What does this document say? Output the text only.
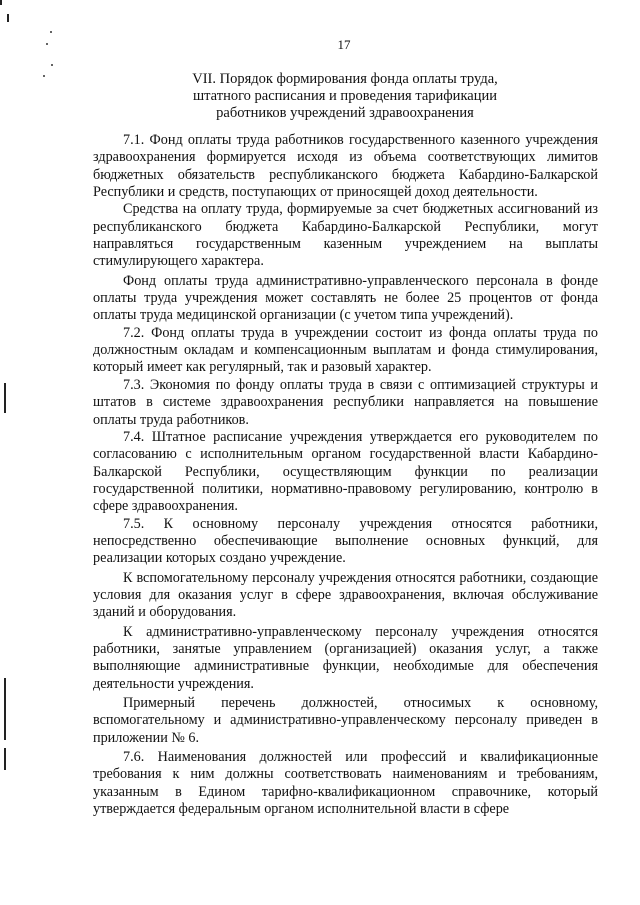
17
VII. Порядок формирования фонда оплаты труда,
штатного расписания и проведения тарификации
работников учреждений здравоохранения

7.1. Фонд оплаты труда работников государственного казенного учреждения здравоохранения формируется исходя из объема соответствующих лимитов бюджетных обязательств республиканского бюджета Кабардино-Балкарской Республики и средств, поступающих от приносящей доход деятельности.

Средства на оплату труда, формируемые за счет бюджетных ассигнований из республиканского бюджета Кабардино-Балкарской Республики, могут направляться государственным казенным учреждением на выплаты стимулирующего характера.

Фонд оплаты труда административно-управленческого персонала в фонде оплаты труда учреждения может составлять не более 25 процентов от фонда оплаты труда медицинской организации (с учетом типа учреждений).

7.2. Фонд оплаты труда в учреждении состоит из фонда оплаты труда по должностным окладам и компенсационным выплатам и фонда стимулирования, который имеет как регулярный, так и разовый характер.

7.3. Экономия по фонду оплаты труда в связи с оптимизацией структуры и штатов в системе здравоохранения республики направляется на повышение оплаты труда работников.

7.4. Штатное расписание учреждения утверждается его руководителем по согласованию с исполнительным органом государственной власти Кабардино-Балкарской Республики, осуществляющим функции по реализации государственной политики, нормативно-правовому регулированию, контролю в сфере здравоохранения.

7.5. К основному персоналу учреждения относятся работники, непосредственно обеспечивающие выполнение основных функций, для реализации которых создано учреждение.

К вспомогательному персоналу учреждения относятся работники, создающие условия для оказания услуг в сфере здравоохранения, включая обслуживание зданий и оборудования.

К административно-управленческому персоналу учреждения относятся работники, занятые управлением (организацией) оказания услуг, а также выполняющие административные функции, необходимые для обеспечения деятельности учреждения.

Примерный перечень должностей, относимых к основному, вспомогательному и административно-управленческому персоналу приведен в приложении № 6.

7.6. Наименования должностей или профессий и квалификационные требования к ним должны соответствовать наименованиям и требованиям, указанным в Едином тарифно-квалификационном справочнике, который утверждается федеральным органом исполнительной власти в сфере
